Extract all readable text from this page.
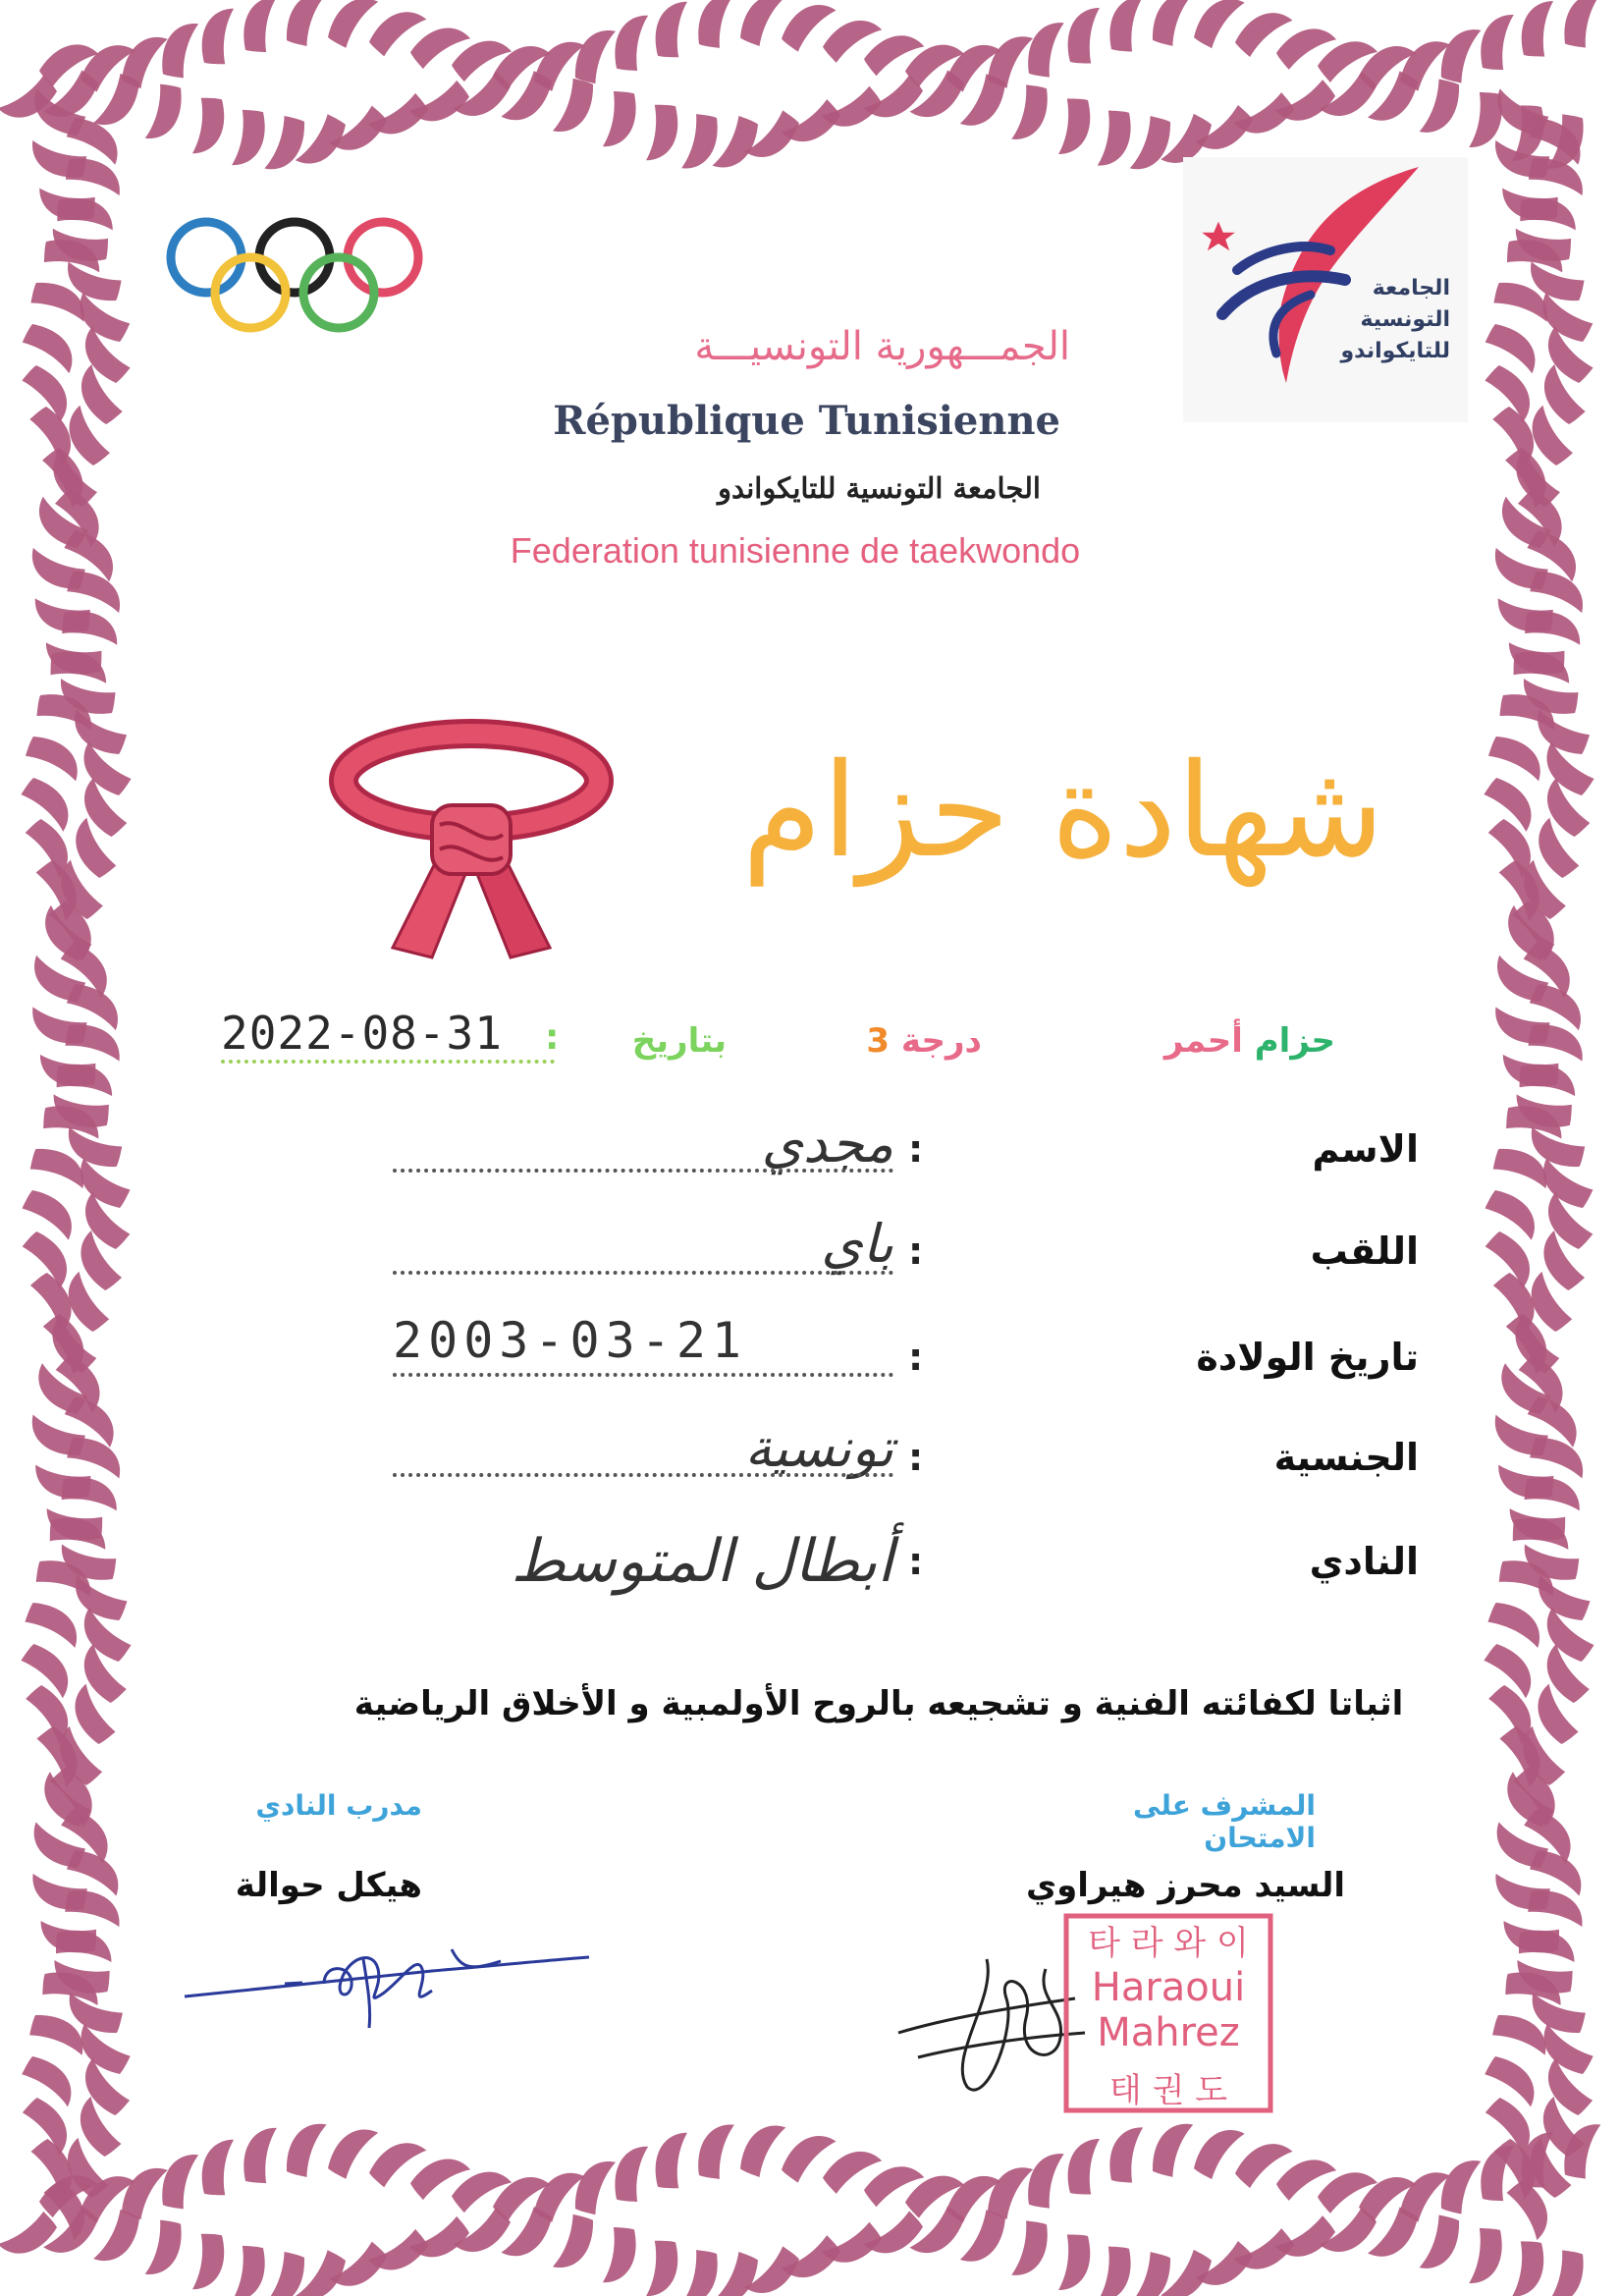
الجامعة
التونسية
للتايكواندو
الجمـــهورية التونسيـــة
République Tunisienne
الجامعة التونسية للتايكواندو
Federation tunisienne de taekwondo
شهادة حزام
حزام أحمر
درجة 3
بتاريخ
:
2022-08-31
الاسم
:
مجدي
اللقب
:
باي
تاريخ الولادة
:
2003-03-21
الجنسية
:
تونسية
النادي
:
أبطال المتوسط
اثباتا لكفائته الفنية و تشجيعه بالروح الأولمبية و الأخلاق الرياضية
المشرف على الامتحان
مدرب النادي
السيد محرز هيراوي
هيكل حوالة
타 라 와 이
태 권 도
Haraoui
Mahrez
